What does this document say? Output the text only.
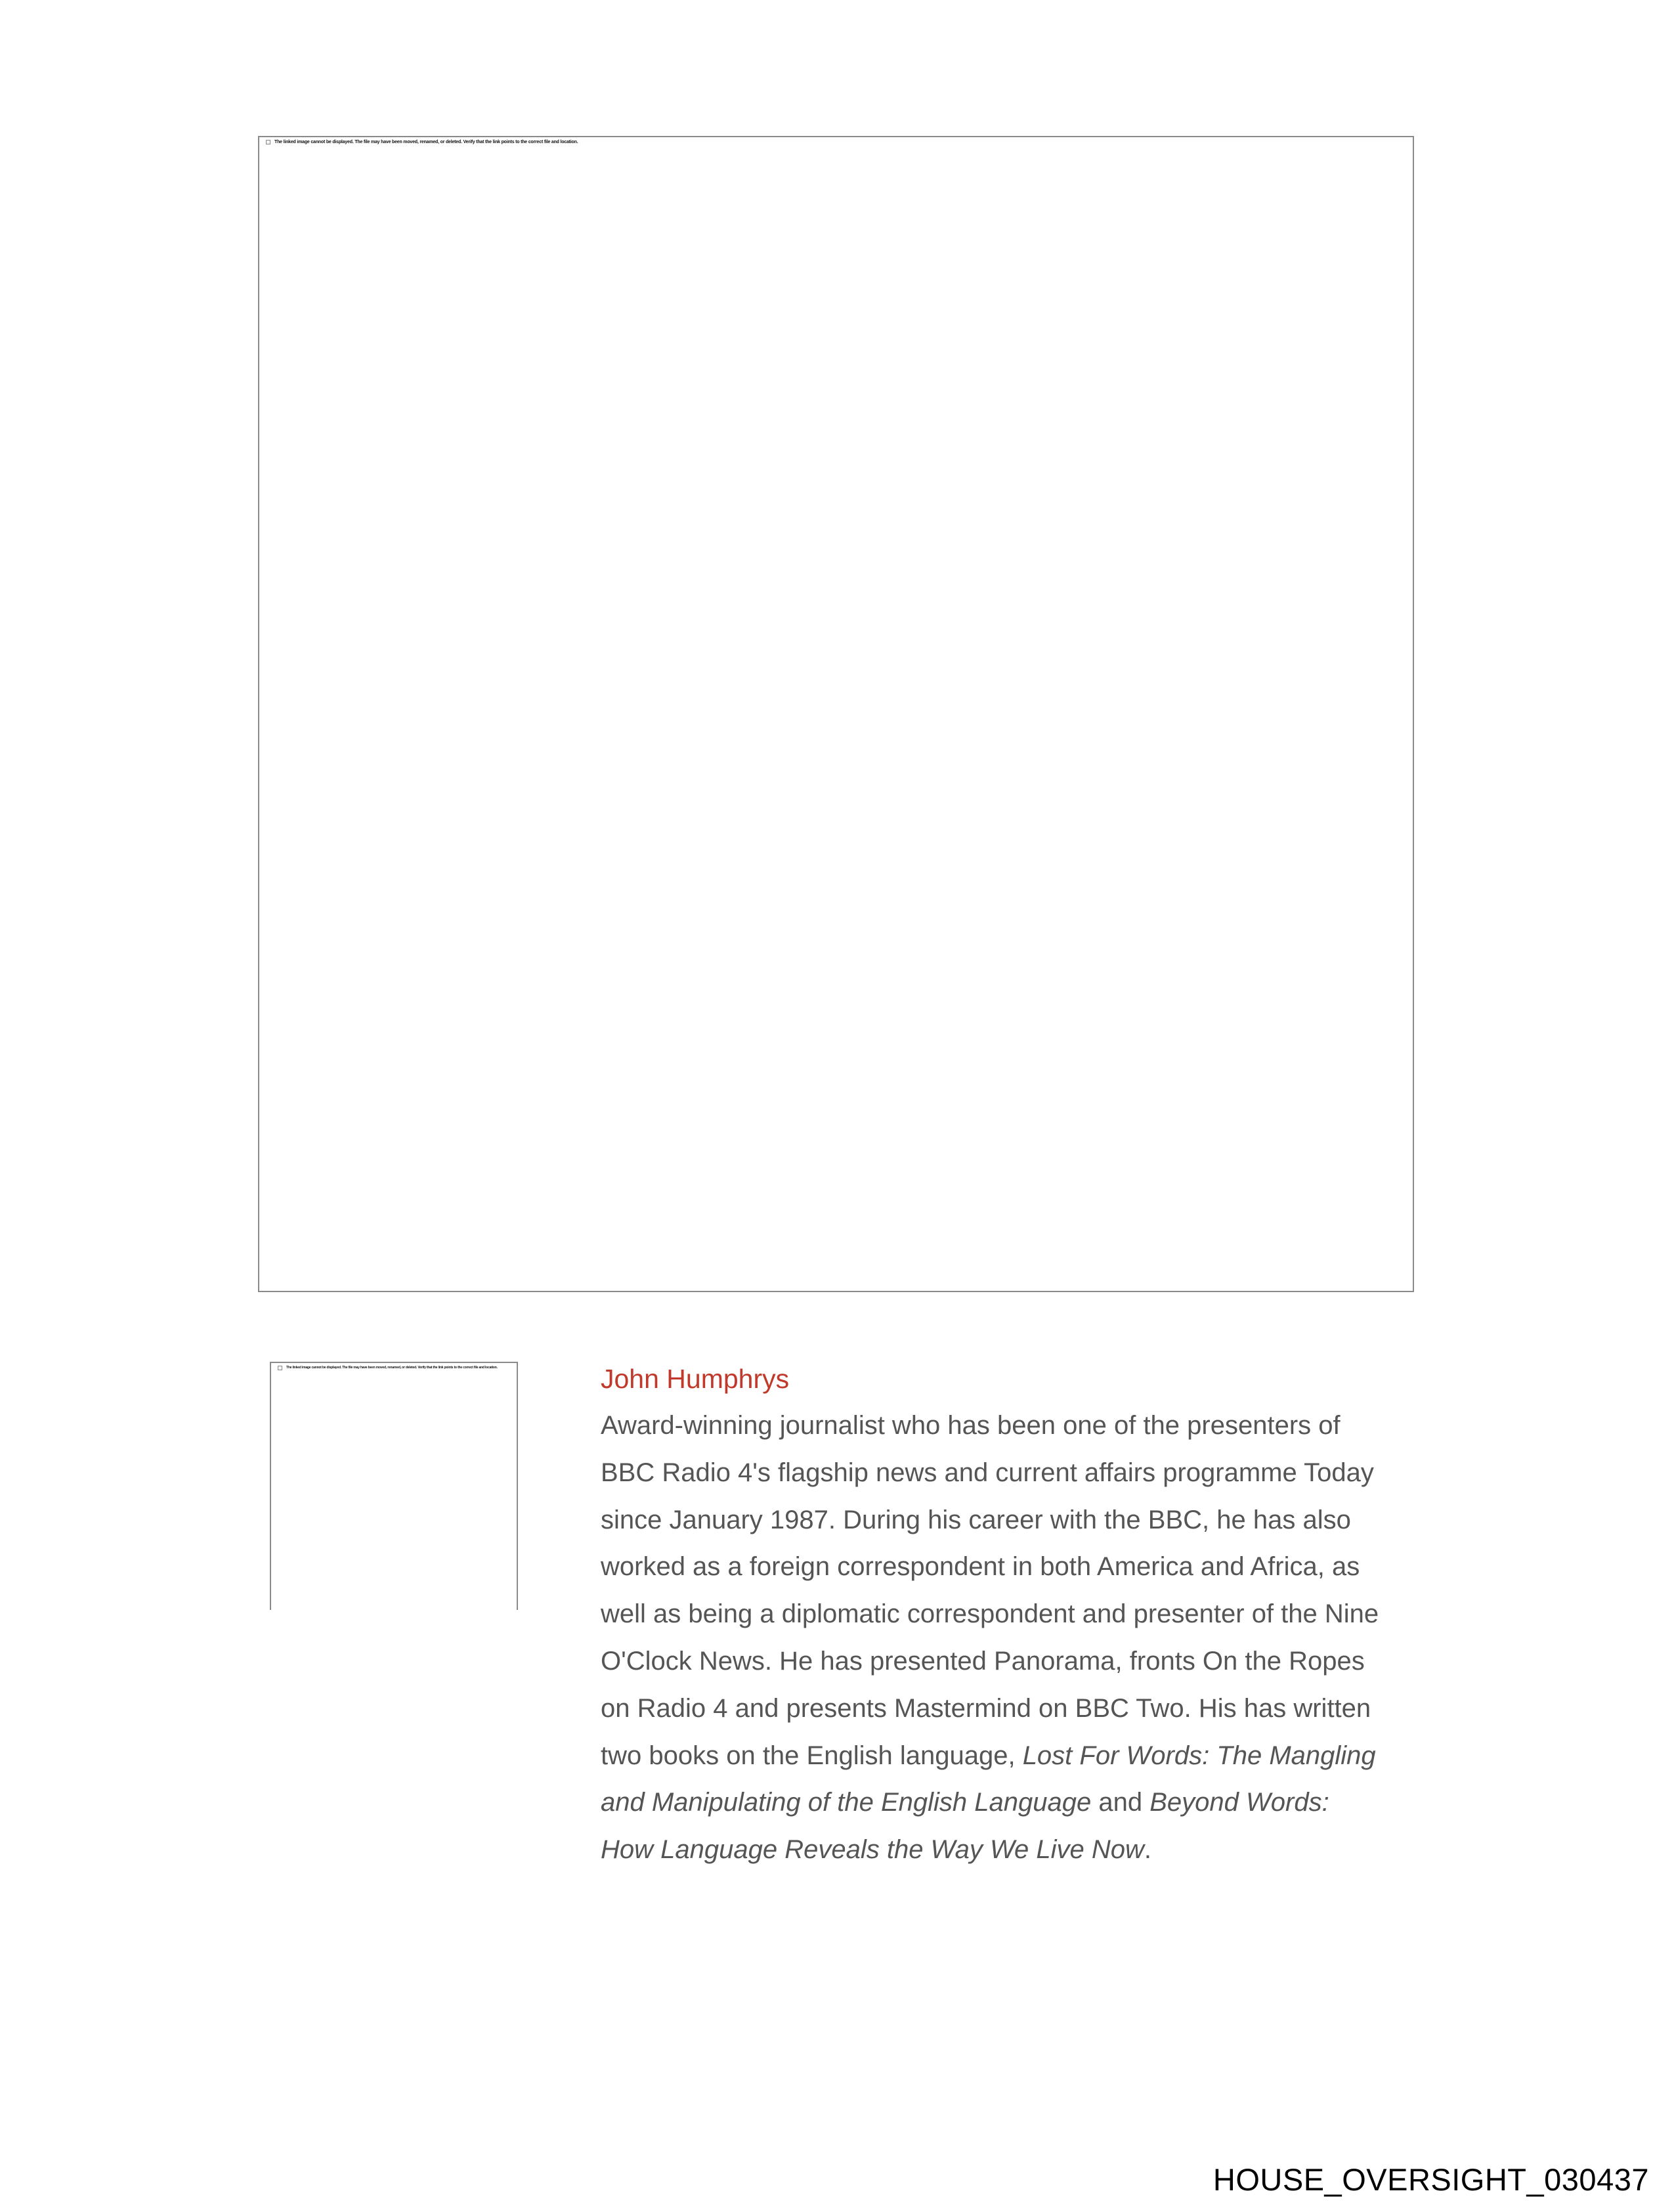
The linked image cannot be displayed. The file may have been moved, renamed, or deleted. Verify that the link points to the correct file and location.
The linked image cannot be displayed. The file may have been moved, renamed, or deleted. Verify that the link points to the correct file and location.	John Humphrys

Award-winning journalist who has been one of the presenters of
BBC Radio 4's flagship news and current affairs programme Today
since January 1987. During his career with the BBC, he has also
worked as a foreign correspondent in both America and Africa, as
well as being a diplomatic correspondent and presenter of the Nine
O'Clock News. He has presented Panorama, fronts On the Ropes
on Radio 4 and presents Mastermind on BBC Two. His has written
two books on the English language, Lost For Words: The Mangling
and Manipulating of the English Language and Beyond Words:
How Language Reveals the Way We Live Now.

HOUSE_OVERSIGHT_030437
